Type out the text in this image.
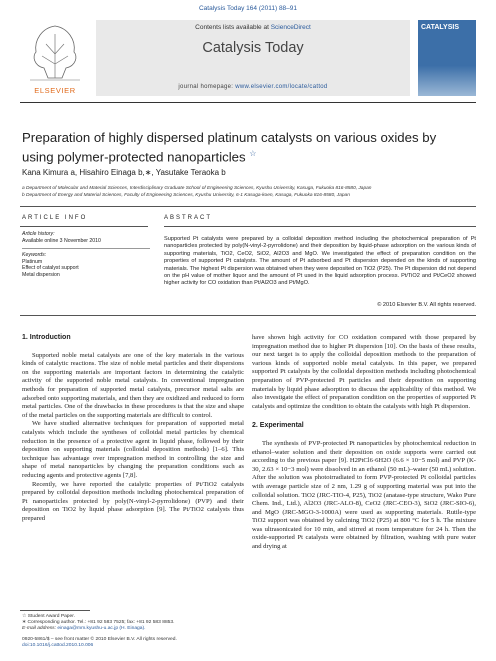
Catalysis Today 164 (2011) 88–91
ELSEVIER
Contents lists available at ScienceDirect
Catalysis Today
journal homepage: www.elsevier.com/locate/cattod
CATALYSIS
Preparation of highly dispersed platinum catalysts on various oxides by using polymer-protected nanoparticles ☆
Kana Kimura a, Hisahiro Einaga b,∗, Yasutake Teraoka b
a Department of Molecular and Material Sciences, Interdisciplinary Graduate School of Engineering Sciences, Kyushu University, Kasuga, Fukuoka 816-8580, Japan
b Department of Energy and Material Sciences, Faculty of Engineering Sciences, Kyushu University, 6-1 Kasuga-koen, Kasuga, Fukuoka 816-8580, Japan
ARTICLE INFO
Article history:
Available online 3 November 2010
Keywords:
Platinum
Effect of catalyst support
Metal dispersion
ABSTRACT
Supported Pt catalysts were prepared by a colloidal deposition method including the photochemical preparation of Pt nanoparticles protected by poly(N-vinyl-2-pyrrolidone) and their deposition by liquid-phase adsorption on the various kinds of supporting materials, TiO2, CeO2, SiO2, Al2O3 and MgO. We investigated the effect of preparation condition on the properties of supported Pt catalysts. The amount of Pt adsorbed and Pt dispersion depended on the kinds of supporting materials. The highest Pt dispersion was obtained when they were deposited on TiO2 (P25). The Pt dispersion did not depend on the pH value of mother liquor and the amount of Pt used in the liquid adsorption process. Pt/TiO2 and Pt/CeO2 showed higher activity for CO oxidation than Pt/Al2O3 and Pt/MgO.
© 2010 Elsevier B.V. All rights reserved.
1. Introduction

Supported noble metal catalysts are one of the key materials in the various kinds of catalytic reactions. The size of noble metal particles and their dispersions on the supporting materials are important factors in determining the catalytic activity of the supported noble metal catalysts. In conventional impregnation methods for preparation of supported metal catalysts, precursor metal salts are adsorbed onto supporting materials, and then they are oxidized and reduced to form metal particles. One of the drawbacks in these procedures is that the size and shape of the metal particles on the supporting materials are difficult to control.

We have studied alternative techniques for preparation of supported metal catalysts which include the syntheses of colloidal metal particles by chemical reduction in the presence of a protective agent in liquid phase, followed by their deposition on supporting materials (colloidal deposition methods) [1–6]. This technique has advantage over impregnation method in controlling the size and shape of metal nanoparticles by changing the preparation conditions such as reducing agents and protective agents [7,8].

Recently, we have reported the catalytic properties of Pt/TiO2 catalysts prepared by colloidal deposition methods including photochemical preparation of Pt nanoparticles protected by poly(N-vinyl-2-pyrrolidone) (PVP) and their deposition on TiO2 by liquid phase adsorption [9]. The Pt/TiO2 catalysts thus prepared

have shown high activity for CO oxidation compared with those prepared by impregnation method due to higher Pt dispersion [10]. On the basis of these results, our next target is to apply the colloidal deposition methods to the preparation of various kinds of supported noble metal catalysts. In this paper, we prepared supported Pt catalysts by the colloidal deposition methods including photochemical preparation of PVP-protected Pt particles and their deposition on supporting materials by liquid phase adsorption to discuss the applicability of this method. We also investigate the effect of preparation condition on the properties of supported Pt catalysts and optimize the condition to obtain the catalysts with high Pt dispersion.

2. Experimental

The synthesis of PVP-protected Pt nanoparticles by photochemical reduction in ethanol–water solution and their deposition on oxide supports were carried out according to the previous paper [9]. H2PtCl6·6H2O (6.6 × 10−5 mol) and PVP (K-30, 2.63 × 10−3 mol) were dissolved in an ethanol (50 mL)–water (50 mL) solution. After the solution was photoirradiated to form PVP-protected Pt colloidal particles with average particle size of 2 nm, 1.29 g of supporting material was put into the colloidal solution. TiO2 (JRC-TIO-4, P25), TiO2 (anatase-type structure, Wako Pure Chem. Ind., Ltd.), Al2O3 (JRC-ALO-8), CeO2 (JRC-CEO-3), SiO2 (JRC-SIO-6), and MgO (JRC-MGO-3-1000A) were used as supporting materials. Rutile-type TiO2 support was obtained by calcining TiO2 (P25) at 800 °C for 5 h. The mixture was ultrasonicated for 10 min, and stirred at room temperature for 24 h. Then the oxide-supported Pt catalysts were obtained by filtration, washing with pure water and drying at

☆ Student Award Paper.
∗ Corresponding author. Tel.: +81 92 583 7525; fax: +81 92 583 8853.
E-mail address: einaga@mm.kyushu-u.ac.jp (H. Einaga).
0920-5861/$ – see front matter © 2010 Elsevier B.V. All rights reserved.
doi:10.1016/j.cattod.2010.10.006
